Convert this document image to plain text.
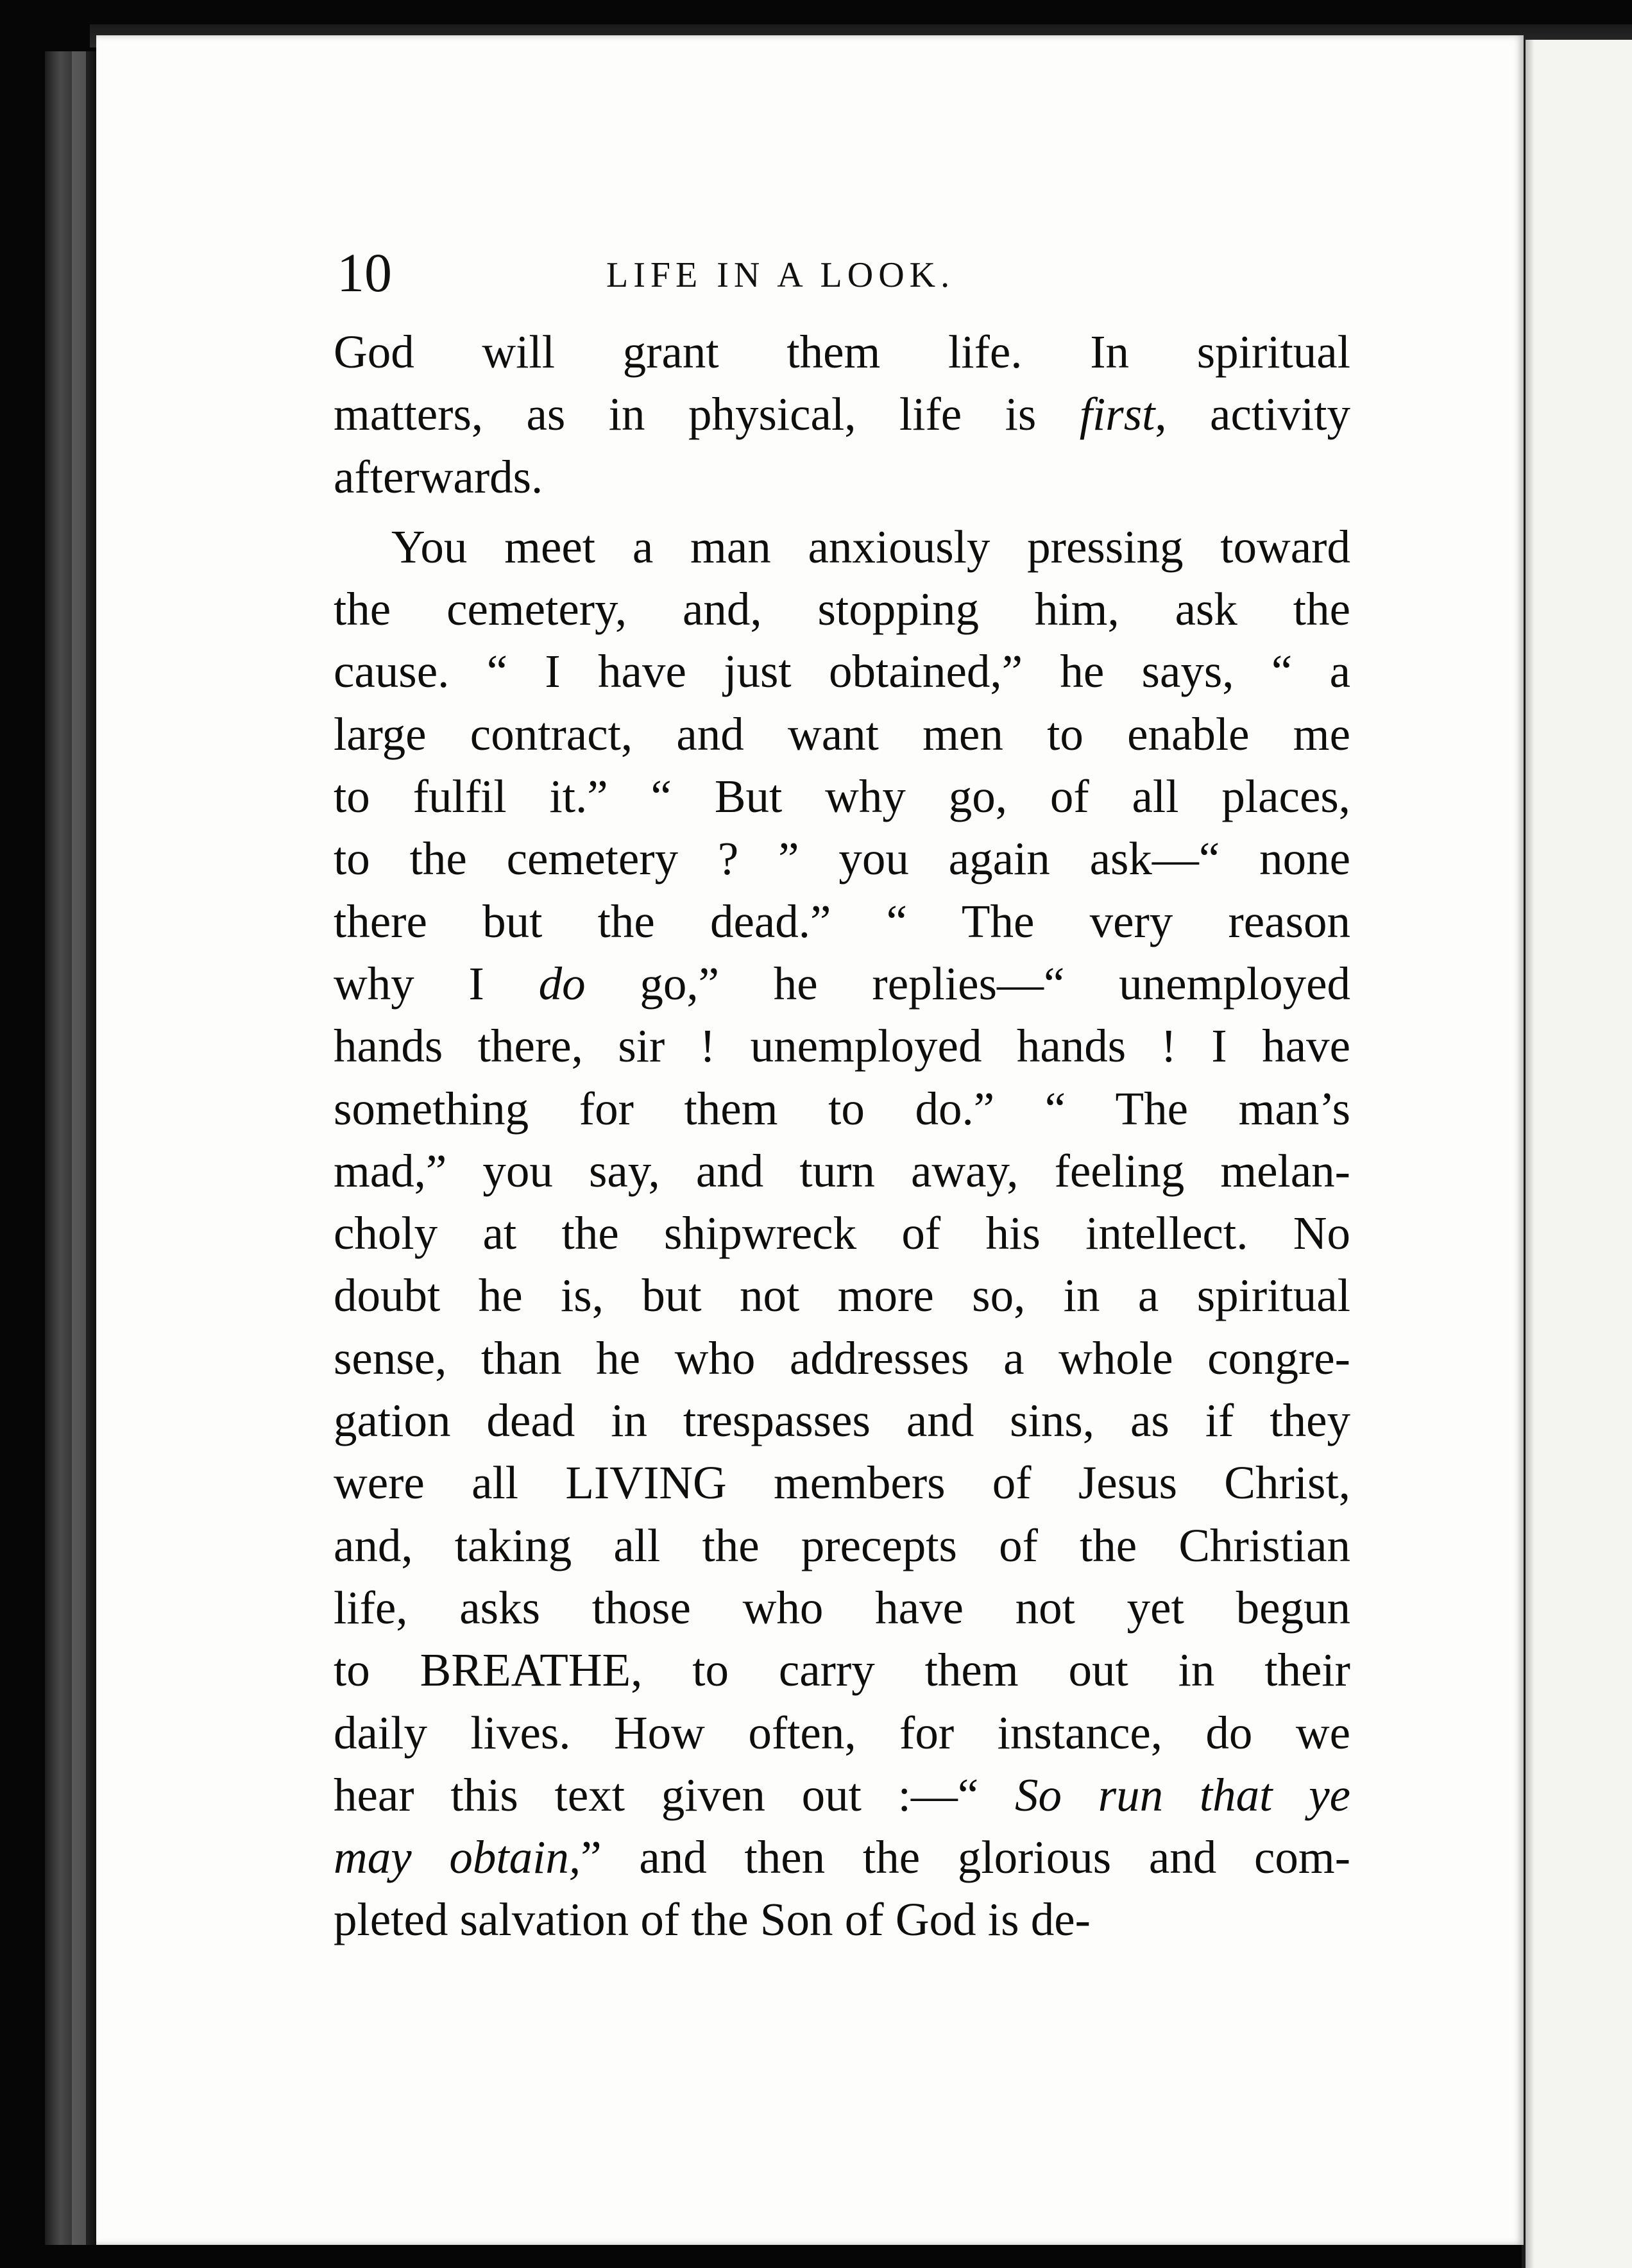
10	LIFE IN A LOOK.
God will grant them life. In spiritual
matters, as in physical, life is first, activity
afterwards.
You meet a man anxiously pressing toward
the cemetery, and, stopping him, ask the
cause. “ I have just obtained,” he says, “ a
large contract, and want men to enable me
to fulfil it.” “ But why go, of all places,
to the cemetery ? ” you again ask—“ none
there but the dead.” “ The very reason
why I do go,” he replies—“ unemployed
hands there, sir ! unemployed hands ! I have
something for them to do.” “ The man’s
mad,” you say, and turn away, feeling melan-
choly at the shipwreck of his intellect. No
doubt he is, but not more so, in a spiritual
sense, than he who addresses a whole congre-
gation dead in trespasses and sins, as if they
were all LIVING members of Jesus Christ,
and, taking all the precepts of the Christian
life, asks those who have not yet begun
to BREATHE, to carry them out in their
daily lives. How often, for instance, do we
hear this text given out :—“ So run that ye
may obtain,” and then the glorious and com-
pleted salvation of the Son of God is de-
